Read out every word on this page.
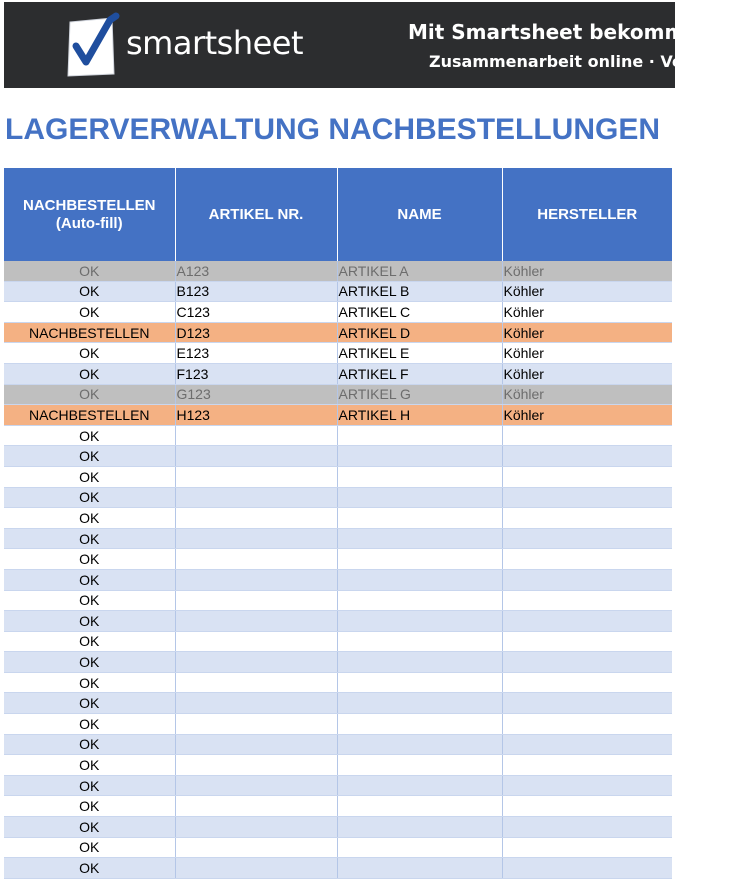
smartsheet	Mit Smartsheet bekommen
Zusammenarbeit online · Verwalten
LAGERVERWALTUNG NACHBESTELLUNGEN
NACHBESTELLEN
(Auto-fill)	ARTIKEL NR.	NAME	HERSTELLER
OK	A123	ARTIKEL A	Köhler
OK	B123	ARTIKEL B	Köhler
OK	C123	ARTIKEL C	Köhler
NACHBESTELLEN	D123	ARTIKEL D	Köhler
OK	E123	ARTIKEL E	Köhler
OK	F123	ARTIKEL F	Köhler
OK	G123	ARTIKEL G	Köhler
NACHBESTELLEN	H123	ARTIKEL H	Köhler
OK			
OK			
OK			
OK			
OK			
OK			
OK			
OK			
OK			
OK			
OK			
OK			
OK			
OK			
OK			
OK			
OK			
OK			
OK			
OK			
OK			
OK			
